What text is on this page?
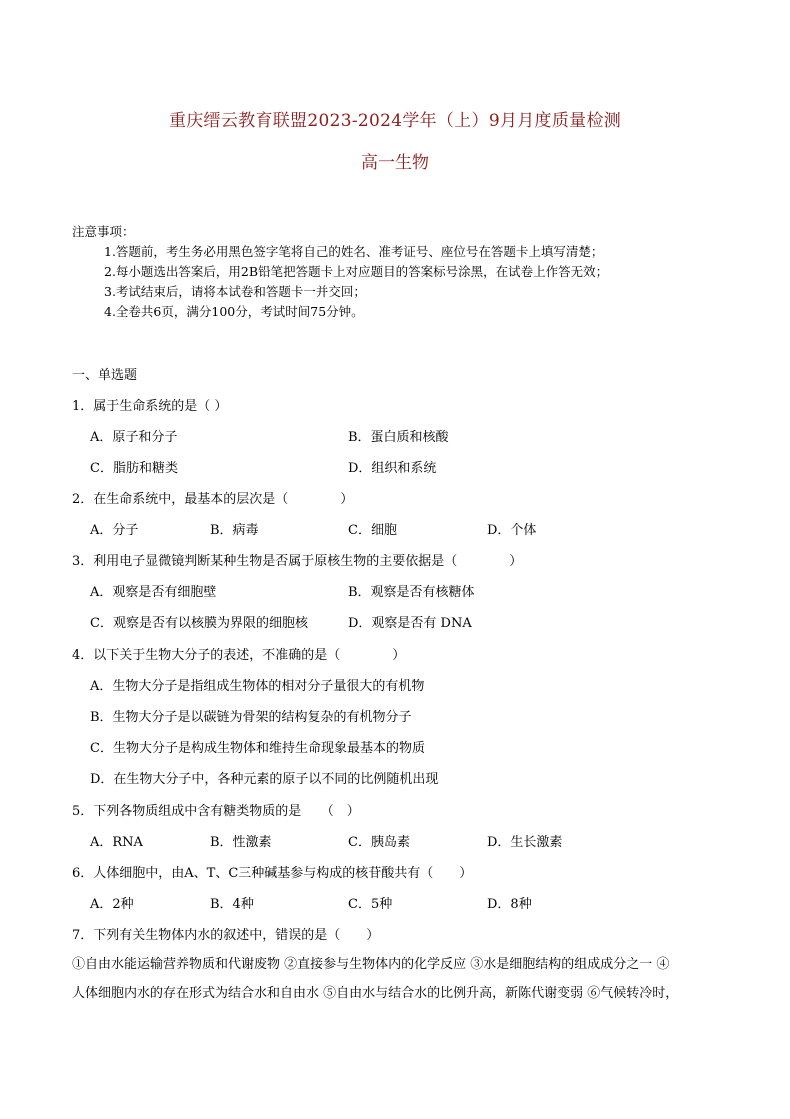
重庆缙云教育联盟2023-2024学年（上）9月月度质量检测
高一生物
注意事项：
1.答题前，考生务必用黑色签字笔将自己的姓名、准考证号、座位号在答题卡上填写清楚；
2.每小题选出答案后，用2B铅笔把答题卡上对应题目的答案标号涂黑，在试卷上作答无效；
3.考试结束后，请将本试卷和答题卡一并交回；
4.全卷共6页，满分100分，考试时间75分钟。
一、单选题
1．属于生命系统的是（ ）
A．原子和分子	B．蛋白质和核酸
C．脂肪和糖类	D．组织和系统
2．在生命系统中，最基本的层次是（　　　　）
A．分子	B．病毒	C．细胞	D．个体
3．利用电子显微镜判断某种生物是否属于原核生物的主要依据是（　　　　）
A．观察是否有细胞壁	B．观察是否有核糖体
C．观察是否有以核膜为界限的细胞核	D．观察是否有 DNA
4．以下关于生物大分子的表述，不准确的是（　　　　）
A．生物大分子是指组成生物体的相对分子量很大的有机物
B．生物大分子是以碳链为骨架的结构复杂的有机物分子
C．生物大分子是构成生物体和维持生命现象最基本的物质
D．在生物大分子中，各种元素的原子以不同的比例随机出现
5．下列各物质组成中含有糖类物质的是　　（　）
A．RNA	B．性激素	C．胰岛素	D．生长激素
6．人体细胞中，由A、T、C三种碱基参与构成的核苷酸共有（　　）
A．2种	B．4种	C．5种	D．8种
7．下列有关生物体内水的叙述中，错误的是（　　）
①自由水能运输营养物质和代谢废物 ②直接参与生物体内的化学反应 ③水是细胞结构的组成成分之一 ④
人体细胞内水的存在形式为结合水和自由水 ⑤自由水与结合水的比例升高，新陈代谢变弱 ⑥气候转冷时，
